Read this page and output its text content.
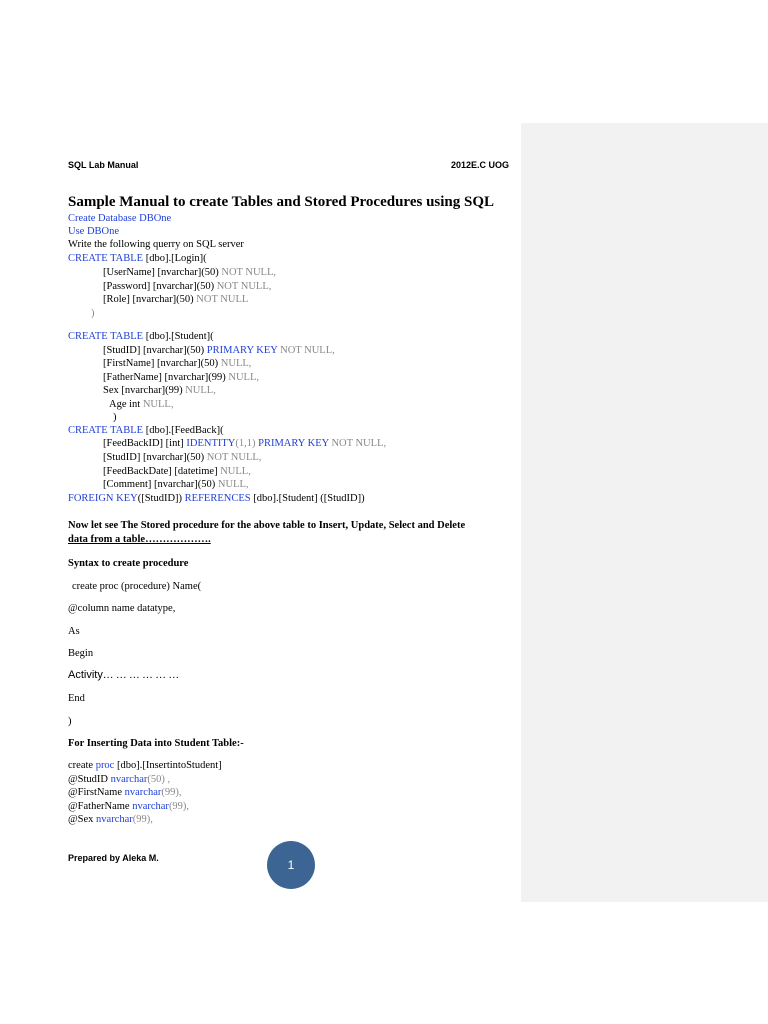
SQL Lab Manual	2012E.C UOG
Sample Manual to create Tables and Stored Procedures using SQL
Create Database DBOne
Use DBOne
Write the following querry on SQL server
CREATE TABLE [dbo].[Login](
[UserName] [nvarchar](50) NOT NULL,
[Password] [nvarchar](50) NOT NULL,
[Role] [nvarchar](50) NOT NULL
)
CREATE TABLE [dbo].[Student](
[StudID] [nvarchar](50) PRIMARY KEY NOT NULL,
[FirstName] [nvarchar](50) NULL,
[FatherName] [nvarchar](99) NULL,
Sex [nvarchar](99) NULL,
Age int NULL,
)
CREATE TABLE [dbo].[FeedBack](
[FeedBackID] [int] IDENTITY(1,1) PRIMARY KEY NOT NULL,
[StudID] [nvarchar](50) NOT NULL,
[FeedBackDate] [datetime] NULL,
[Comment] [nvarchar](50) NULL,
FOREIGN KEY([StudID]) REFERENCES [dbo].[Student] ([StudID])
Now let see The Stored procedure for the above table to Insert, Update, Select and Delete
data from a table……………….
Syntax to create procedure
create proc (procedure) Name(
@column name datatype,
As
Begin
Activity… … … … … …
End
)
For Inserting Data into Student Table:-
create proc [dbo].[InsertintoStudent]
@StudID nvarchar(50) ,
@FirstName nvarchar(99),
@FatherName nvarchar(99),
@Sex nvarchar(99),
Prepared by Aleka M.	1
